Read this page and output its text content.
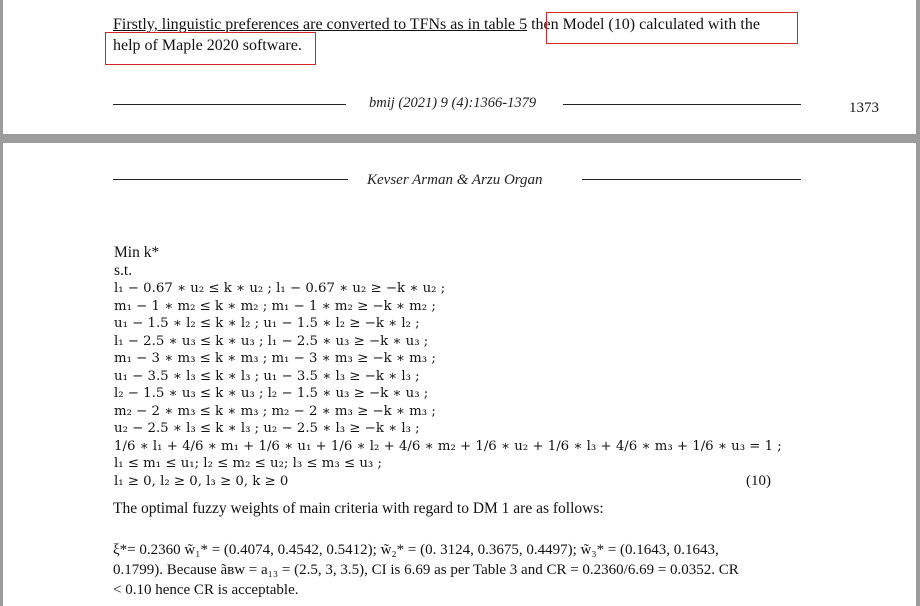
Firstly, linguistic preferences are converted to TFNs as in table 5 then Model (10) calculated with the
help of Maple 2020 software.
bmij (2021) 9 (4):1366-1379	1373
Kevser Arman & Arzu Organ
Min k*
s.t.
l₁ − 0.67 ∗ u₂ ≤ k ∗ u₂ ; l₁ − 0.67 ∗ u₂ ≥ −k ∗ u₂ ;
m₁ − 1 ∗ m₂ ≤ k ∗ m₂ ; m₁ − 1 ∗ m₂ ≥ −k ∗ m₂ ;
u₁ − 1.5 ∗ l₂ ≤ k ∗ l₂ ; u₁ − 1.5 ∗ l₂ ≥ −k ∗ l₂ ;
l₁ − 2.5 ∗ u₃ ≤ k ∗ u₃ ; l₁ − 2.5 ∗ u₃ ≥ −k ∗ u₃ ;
m₁ − 3 ∗ m₃ ≤ k ∗ m₃ ; m₁ − 3 ∗ m₃ ≥ −k ∗ m₃ ;
u₁ − 3.5 ∗ l₃ ≤ k ∗ l₃ ; u₁ − 3.5 ∗ l₃ ≥ −k ∗ l₃ ;
l₂ − 1.5 ∗ u₃ ≤ k ∗ u₃ ; l₂ − 1.5 ∗ u₃ ≥ −k ∗ u₃ ;
m₂ − 2 ∗ m₃ ≤ k ∗ m₃ ; m₂ − 2 ∗ m₃ ≥ −k ∗ m₃ ;
u₂ − 2.5 ∗ l₃ ≤ k ∗ l₃ ; u₂ − 2.5 ∗ l₃ ≥ −k ∗ l₃ ;
1/6 ∗ l₁ + 4/6 ∗ m₁ + 1/6 ∗ u₁ + 1/6 ∗ l₂ + 4/6 ∗ m₂ + 1/6 ∗ u₂ + 1/6 ∗ l₃ + 4/6 ∗ m₃ + 1/6 ∗ u₃ = 1 ;
l₁ ≤ m₁ ≤ u₁; l₂ ≤ m₂ ≤ u₂; l₃ ≤ m₃ ≤ u₃ ;
l₁ ≥ 0, l₂ ≥ 0, l₃ ≥ 0, k ≥ 0	(10)
The optimal fuzzy weights of main criteria with regard to DM 1 are as follows:
ξ*= 0.2360 w̃₁* = (0.4074, 0.4542, 0.5412); w̃₂* = (0. 3124, 0.3675, 0.4497); w̃₃* = (0.1643, 0.1643,
0.1799). Because ãʙᴡ = a₁₃ = (2.5, 3, 3.5), CI is 6.69 as per Table 3 and CR = 0.2360/6.69 = 0.0352. CR
< 0.10 hence CR is acceptable.
